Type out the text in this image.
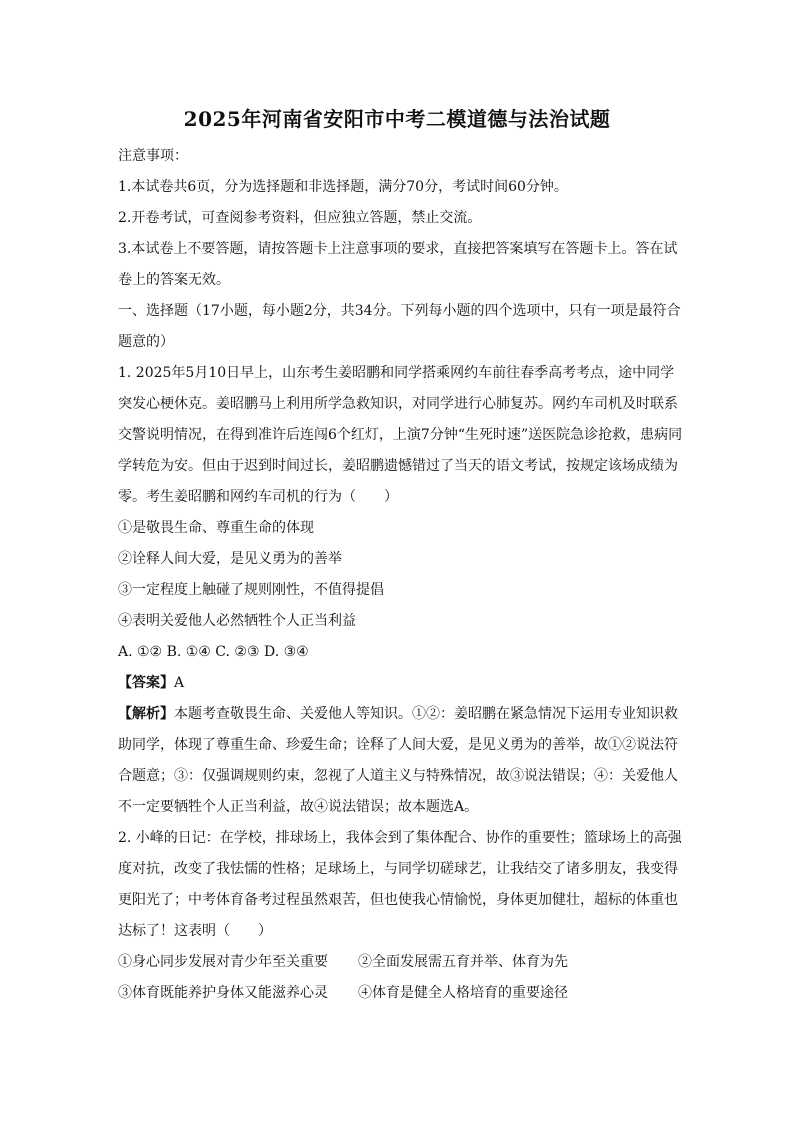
2025年河南省安阳市中考二模道德与法治试题

注意事项：

1.本试卷共6页，分为选择题和非选择题，满分70分，考试时间60分钟。

2.开卷考试，可查阅参考资料，但应独立答题，禁止交流。

3.本试卷上不要答题，请按答题卡上注意事项的要求，直接把答案填写在答题卡上。答在试卷上的答案无效。

一、选择题（17小题，每小题2分，共34分。下列每小题的四个选项中，只有一项是最符合题意的）

1. 2025年5月10日早上，山东考生姜昭鹏和同学搭乘网约车前往春季高考考点，途中同学突发心梗休克。姜昭鹏马上利用所学急救知识，对同学进行心肺复苏。网约车司机及时联系交警说明情况，在得到准许后连闯6个红灯，上演7分钟“生死时速”送医院急诊抢救，患病同学转危为安。但由于迟到时间过长，姜昭鹏遗憾错过了当天的语文考试，按规定该场成绩为零。考生姜昭鹏和网约车司机的行为（　　）

①是敬畏生命、尊重生命的体现

②诠释人间大爱，是见义勇为的善举

③一定程度上触碰了规则刚性，不值得提倡

④表明关爱他人必然牺牲个人正当利益

A. ①② B. ①④ C. ②③ D. ③④

【答案】A

【解析】本题考查敬畏生命、关爱他人等知识。①②：姜昭鹏在紧急情况下运用专业知识救助同学，体现了尊重生命、珍爱生命；诠释了人间大爱，是见义勇为的善举，故①②说法符合题意；③：仅强调规则约束，忽视了人道主义与特殊情况，故③说法错误；④：关爱他人不一定要牺牲个人正当利益，故④说法错误；故本题选A。

2. 小峰的日记：在学校，排球场上，我体会到了集体配合、协作的重要性；篮球场上的高强度对抗，改变了我怯懦的性格；足球场上，与同学切磋球艺，让我结交了诸多朋友，我变得更阳光了；中考体育备考过程虽然艰苦，但也使我心情愉悦，身体更加健壮，超标的体重也达标了！这表明（　　）

①身心同步发展对青少年至关重要	②全面发展需五育并举、体育为先

③体育既能养护身体又能滋养心灵	④体育是健全人格培育的重要途径
